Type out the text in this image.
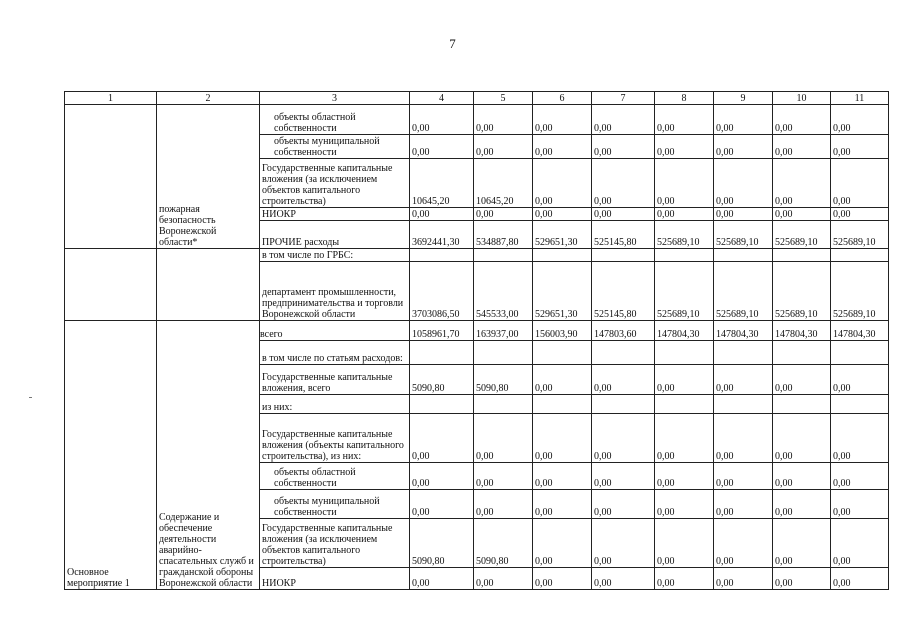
7
1	2	3	4	5	6	7	8	9	10	11
	пожарная безопасность Воронежской области*	объекты областной собственности	0,00	0,00	0,00	0,00	0,00	0,00	0,00	0,00
		объекты муниципальной собственности	0,00	0,00	0,00	0,00	0,00	0,00	0,00	0,00
		Государственные капитальные вложения (за исключением объектов капитального строительства)	10645,20	10645,20	0,00	0,00	0,00	0,00	0,00	0,00
		НИОКР	0,00	0,00	0,00	0,00	0,00	0,00	0,00	0,00
		ПРОЧИЕ расходы	3692441,30	534887,80	529651,30	525145,80	525689,10	525689,10	525689,10	525689,10
		в том числе по ГРБС:								
		департамент промышленности, предпринимательства и торговли Воронежской области	3703086,50	545533,00	529651,30	525145,80	525689,10	525689,10	525689,10	525689,10
Основное мероприятие 1	Содержание и обеспечение деятельности аварийно-спасательных служб и гражданской обороны Воронежской области	всего	1058961,70	163937,00	156003,90	147803,60	147804,30	147804,30	147804,30	147804,30
		в том числе по статьям расходов:								
		Государственные капитальные вложения, всего	5090,80	5090,80	0,00	0,00	0,00	0,00	0,00	0,00
		из них:								
		Государственные капитальные вложения (объекты капитального строительства), из них:	0,00	0,00	0,00	0,00	0,00	0,00	0,00	0,00
		объекты областной собственности	0,00	0,00	0,00	0,00	0,00	0,00	0,00	0,00
		объекты муниципальной собственности	0,00	0,00	0,00	0,00	0,00	0,00	0,00	0,00
		Государственные капитальные вложения (за исключением объектов капитального строительства)	5090,80	5090,80	0,00	0,00	0,00	0,00	0,00	0,00
		НИОКР	0,00	0,00	0,00	0,00	0,00	0,00	0,00	0,00
